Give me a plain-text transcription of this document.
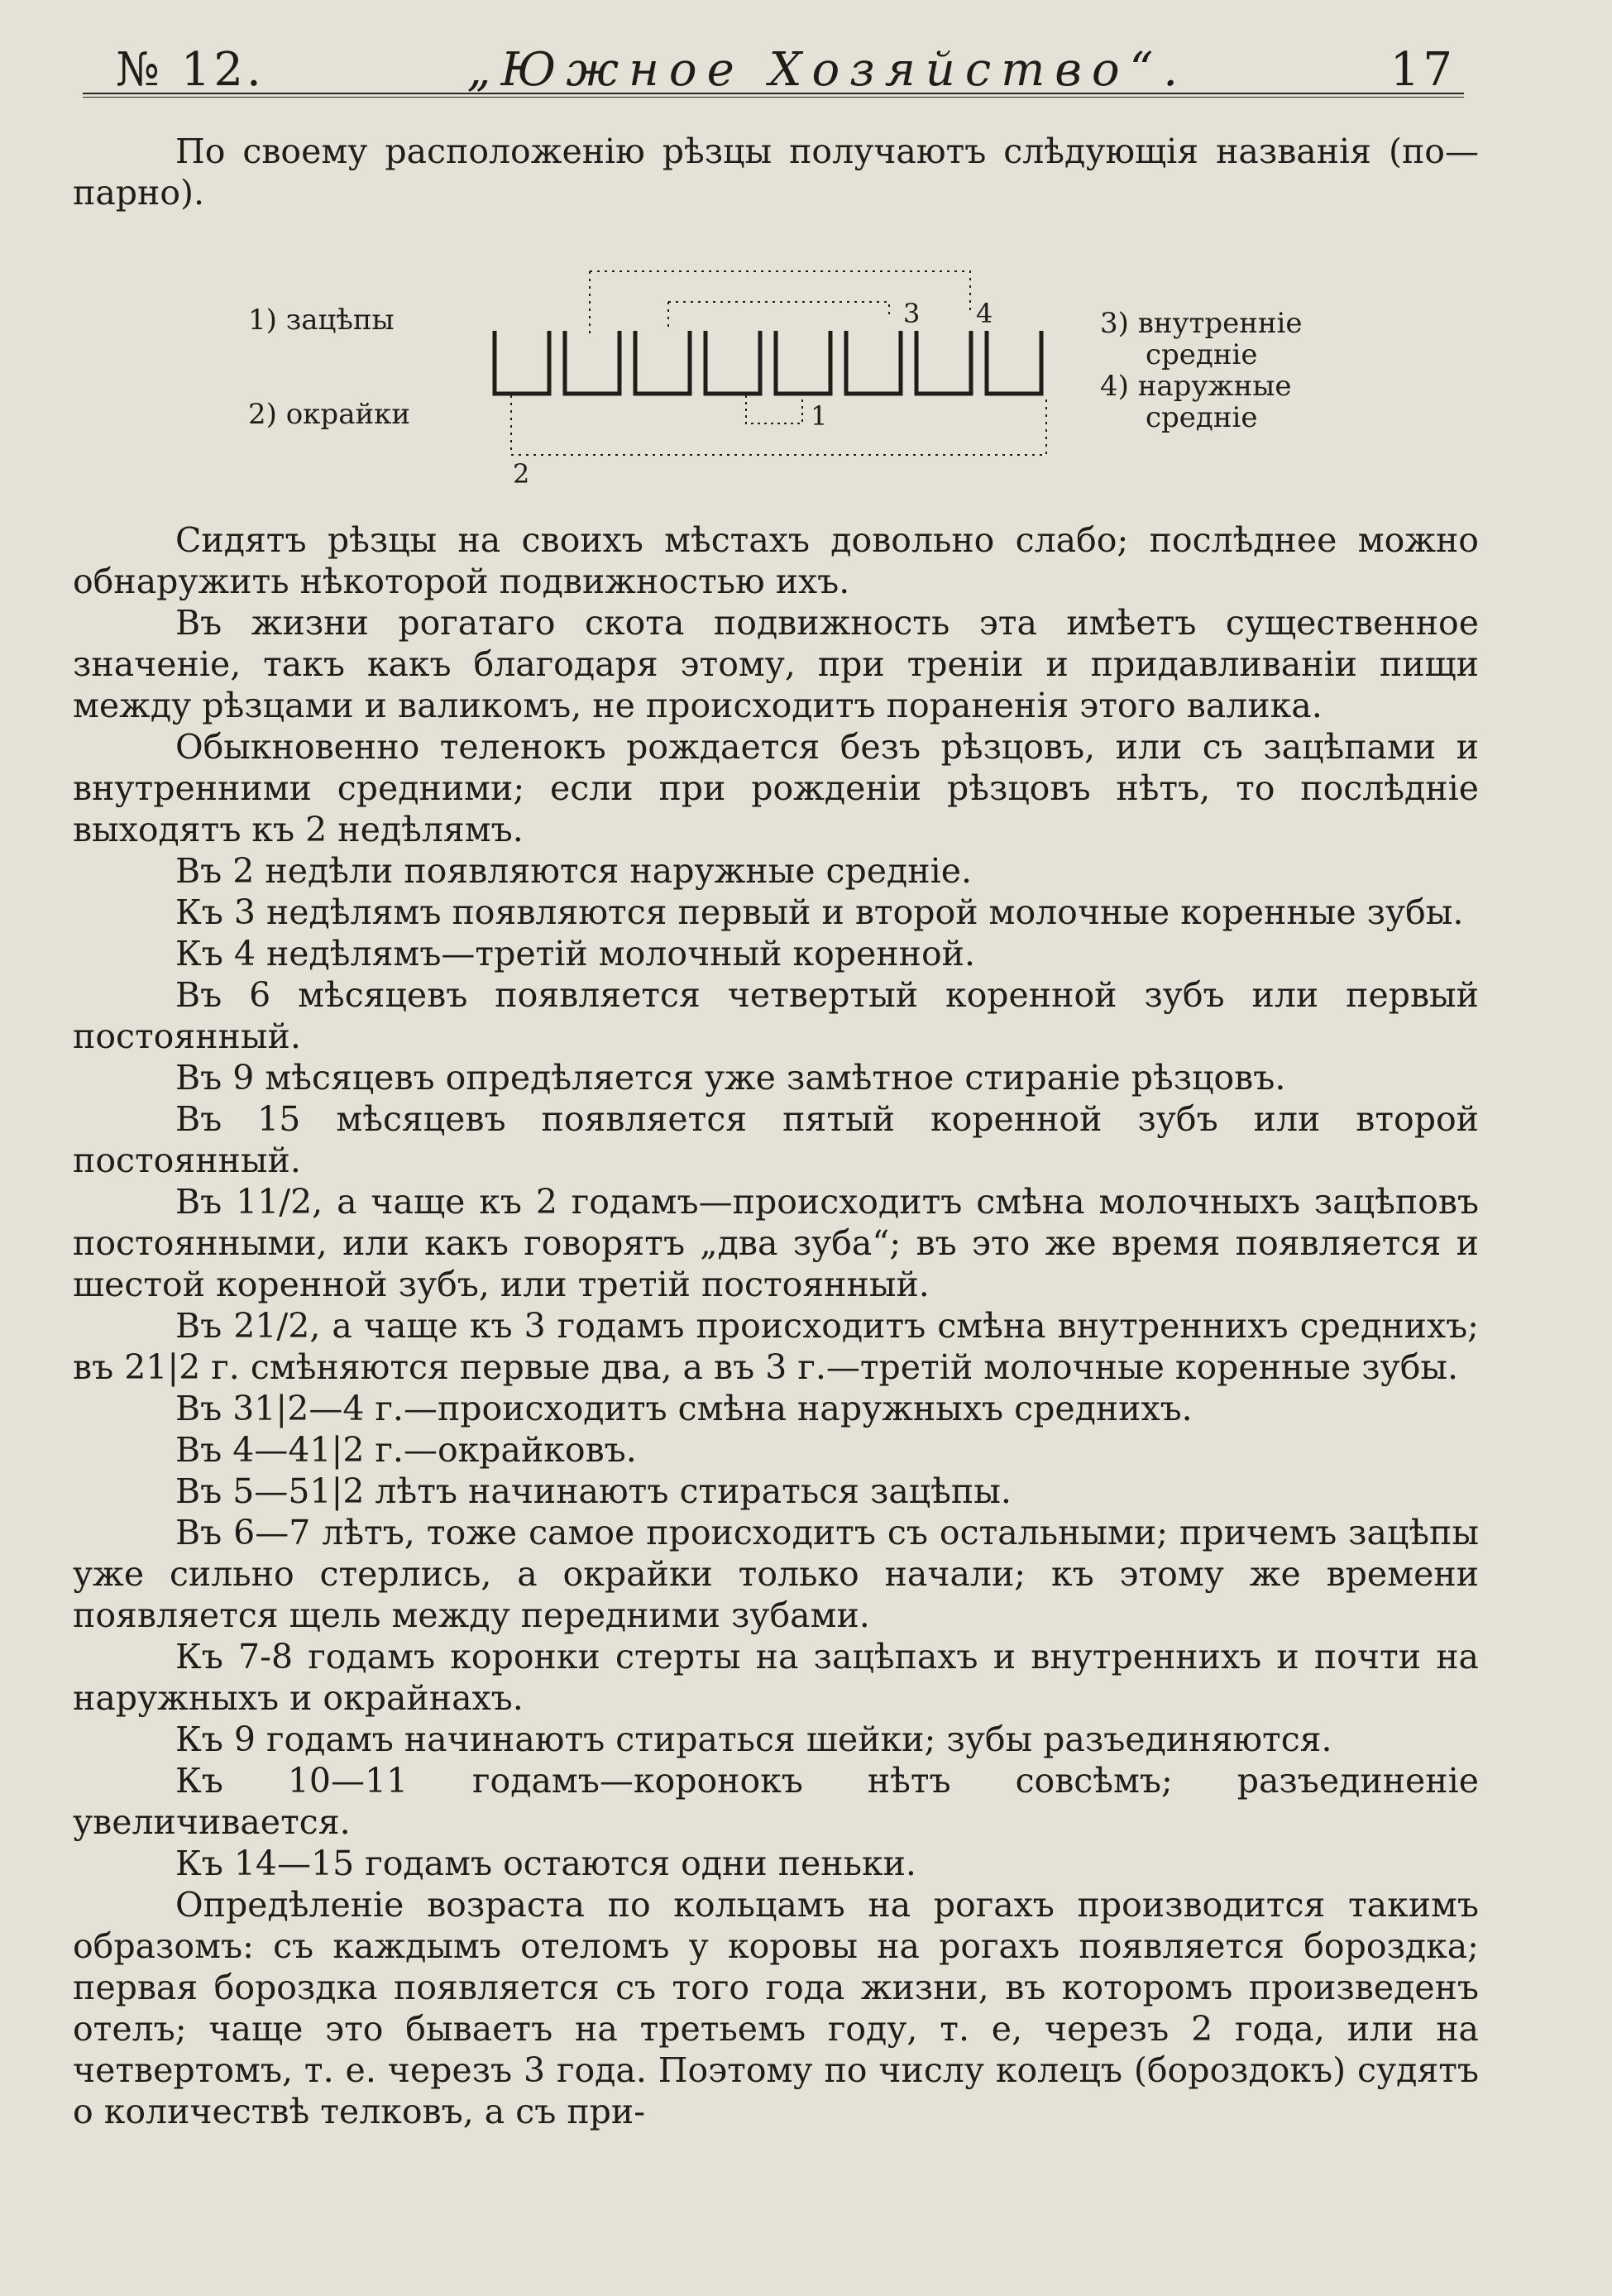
№ 12.	„Южное Хозяйство“.	17

По своему расположенію рѣзцы получаютъ слѣдующія названія (по—парно).

Сидятъ рѣзцы на своихъ мѣстахъ довольно слабо; послѣднее можно обнаружить нѣкоторой подвижностью ихъ.

Въ жизни рогатаго скота подвижность эта имѣетъ существенное значеніе, такъ какъ благодаря этому, при треніи и придавливаніи пищи между рѣзцами и валикомъ, не происходитъ пораненія этого валика.

Обыкновенно теленокъ рождается безъ рѣзцовъ, или съ зацѣпами и внутренними средними; если при рожденіи рѣзцовъ нѣтъ, то послѣдніе выходятъ къ 2 недѣлямъ.

Въ 2 недѣли появляются наружные средніе.

Къ 3 недѣлямъ появляются первый и второй молочные коренные зубы.

Къ 4 недѣлямъ—третій молочный коренной.

Въ 6 мѣсяцевъ появляется четвертый коренной зубъ или первый постоянный.

Въ 9 мѣсяцевъ опредѣляется уже замѣтное стираніе рѣзцовъ.

Въ 15 мѣсяцевъ появляется пятый коренной зубъ или второй постоянный.

Въ 11/2, а чаще къ 2 годамъ—происходитъ смѣна молочныхъ зацѣповъ постоянными, или какъ говорятъ „два зуба“; въ это же время появляется и шестой коренной зубъ, или третій постоянный.

Въ 21/2, а чаще къ 3 годамъ происходитъ смѣна внутреннихъ среднихъ; въ 21|2 г. смѣняются первые два, а въ 3 г.—третій молочные коренные зубы.

Въ 31|2—4 г.—происходитъ смѣна наружныхъ среднихъ.

Въ 4—41|2 г.—окрайковъ.

Въ 5—51|2 лѣтъ начинаютъ стираться зацѣпы.

Въ 6—7 лѣтъ, тоже самое происходитъ съ остальными; причемъ зацѣпы уже сильно стерлись, а окрайки только начали; къ этому же времени появляется щель между передними зубами.

Къ 7-8 годамъ коронки стерты на зацѣпахъ и внутреннихъ и почти на наружныхъ и окрайнахъ.

Къ 9 годамъ начинаютъ стираться шейки; зубы разъединяются.

Къ 10—11 годамъ—коронокъ нѣтъ совсѣмъ; разъединеніе увеличивается.

Къ 14—15 годамъ остаются одни пеньки.

Опредѣленіе возраста по кольцамъ на рогахъ производится такимъ образомъ: съ каждымъ отеломъ у коровы на рогахъ появляется бороздка; первая бороздка появляется съ того года жизни, въ которомъ произведенъ отелъ; чаще это бываетъ на третьемъ году, т. е, черезъ 2 года, или на четвертомъ, т. е. черезъ 3 года. Поэтому по числу колецъ (бороздокъ) судятъ о количествѣ телковъ, а съ при-

1) зацѣпы
2) окрайки
3) внутренніе
средніе
4) наружные
средніе
3 4
1
2
